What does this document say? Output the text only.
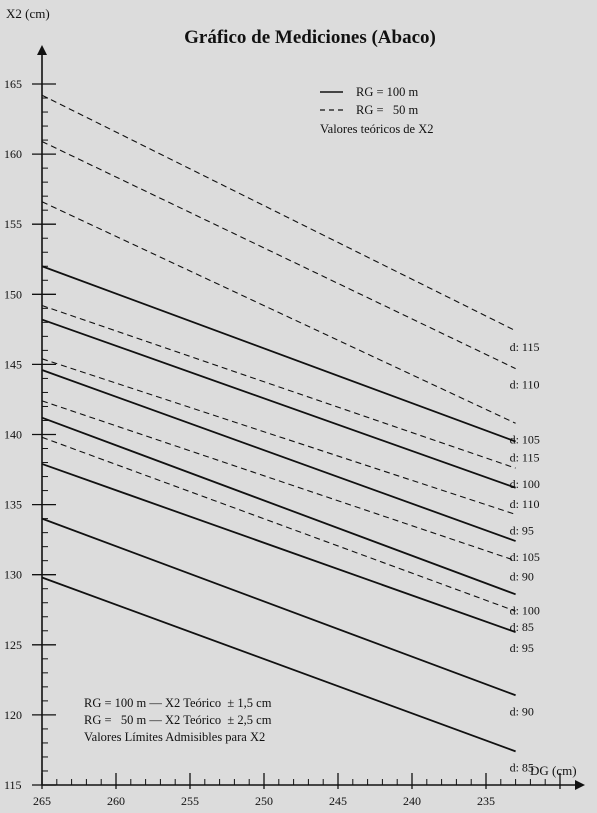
Gráfico de Mediciones (Abaco)
X2 (cm)
DG (cm)
115
120
125
130
135
140
145
150
155
160
165
265	260	255	250	245	240	235
d: 115
d: 110
d: 105
d: 100
d: 95
d: 90
d: 85
d: 115
d: 110
d: 105
d: 100
d: 95
d: 90
d: 85
RG = 100 m
RG =   50 m
Valores teóricos de X2
RG = 100 m — X2 Teórico  ± 1,5 cm
RG =   50 m — X2 Teórico  ± 2,5 cm
Valores Límites Admisibles para X2
